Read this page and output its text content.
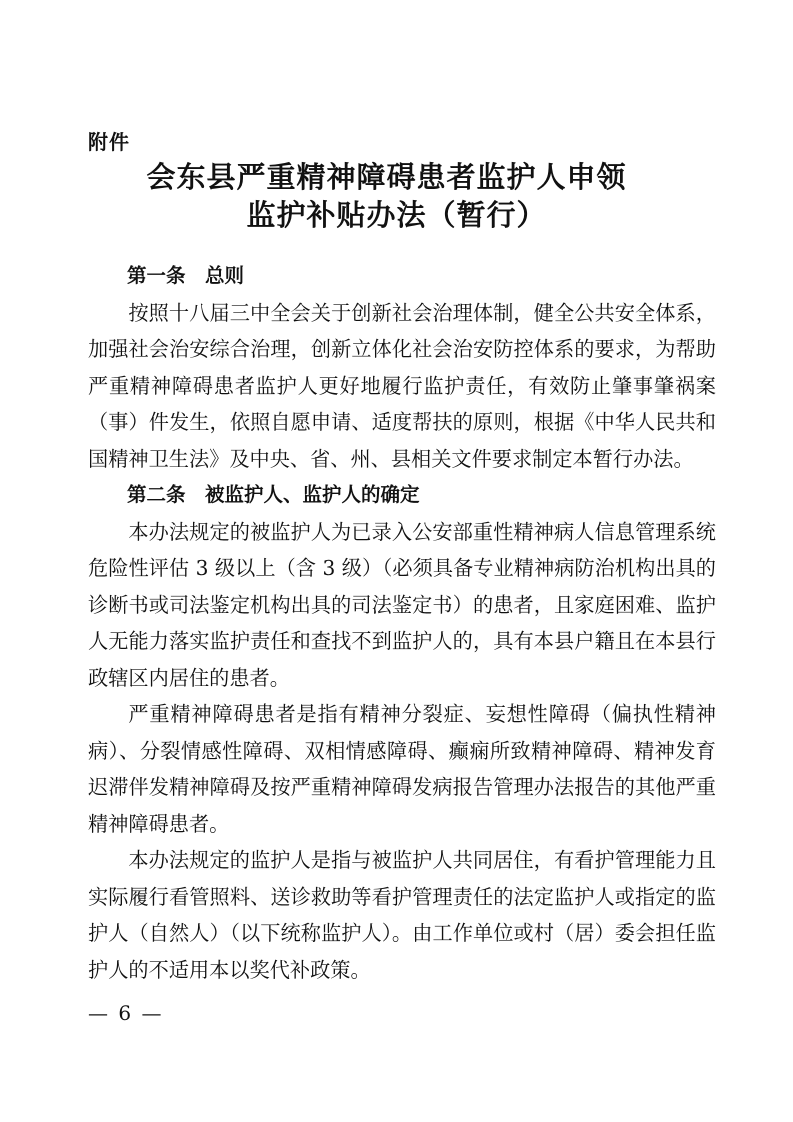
附件
会东县严重精神障碍患者监护人申领
监护补贴办法（暂行）

第一条　总则

按照十八届三中全会关于创新社会治理体制，健全公共安全体系，加强社会治安综合治理，创新立体化社会治安防控体系的要求，为帮助严重精神障碍患者监护人更好地履行监护责任，有效防止肇事肇祸案（事）件发生，依照自愿申请、适度帮扶的原则，根据《中华人民共和国精神卫生法》及中央、省、州、县相关文件要求制定本暂行办法。

第二条　被监护人、监护人的确定

本办法规定的被监护人为已录入公安部重性精神病人信息管理系统危险性评估 3 级以上（含 3 级）（必须具备专业精神病防治机构出具的诊断书或司法鉴定机构出具的司法鉴定书）的患者，且家庭困难、监护人无能力落实监护责任和查找不到监护人的，具有本县户籍且在本县行政辖区内居住的患者。

严重精神障碍患者是指有精神分裂症、妄想性障碍（偏执性精神病）、分裂情感性障碍、双相情感障碍、癫痫所致精神障碍、精神发育迟滞伴发精神障碍及按严重精神障碍发病报告管理办法报告的其他严重精神障碍患者。

本办法规定的监护人是指与被监护人共同居住，有看护管理能力且实际履行看管照料、送诊救助等看护管理责任的法定监护人或指定的监护人（自然人）（以下统称监护人）。由工作单位或村（居）委会担任监护人的不适用本以奖代补政策。

— 6 —
